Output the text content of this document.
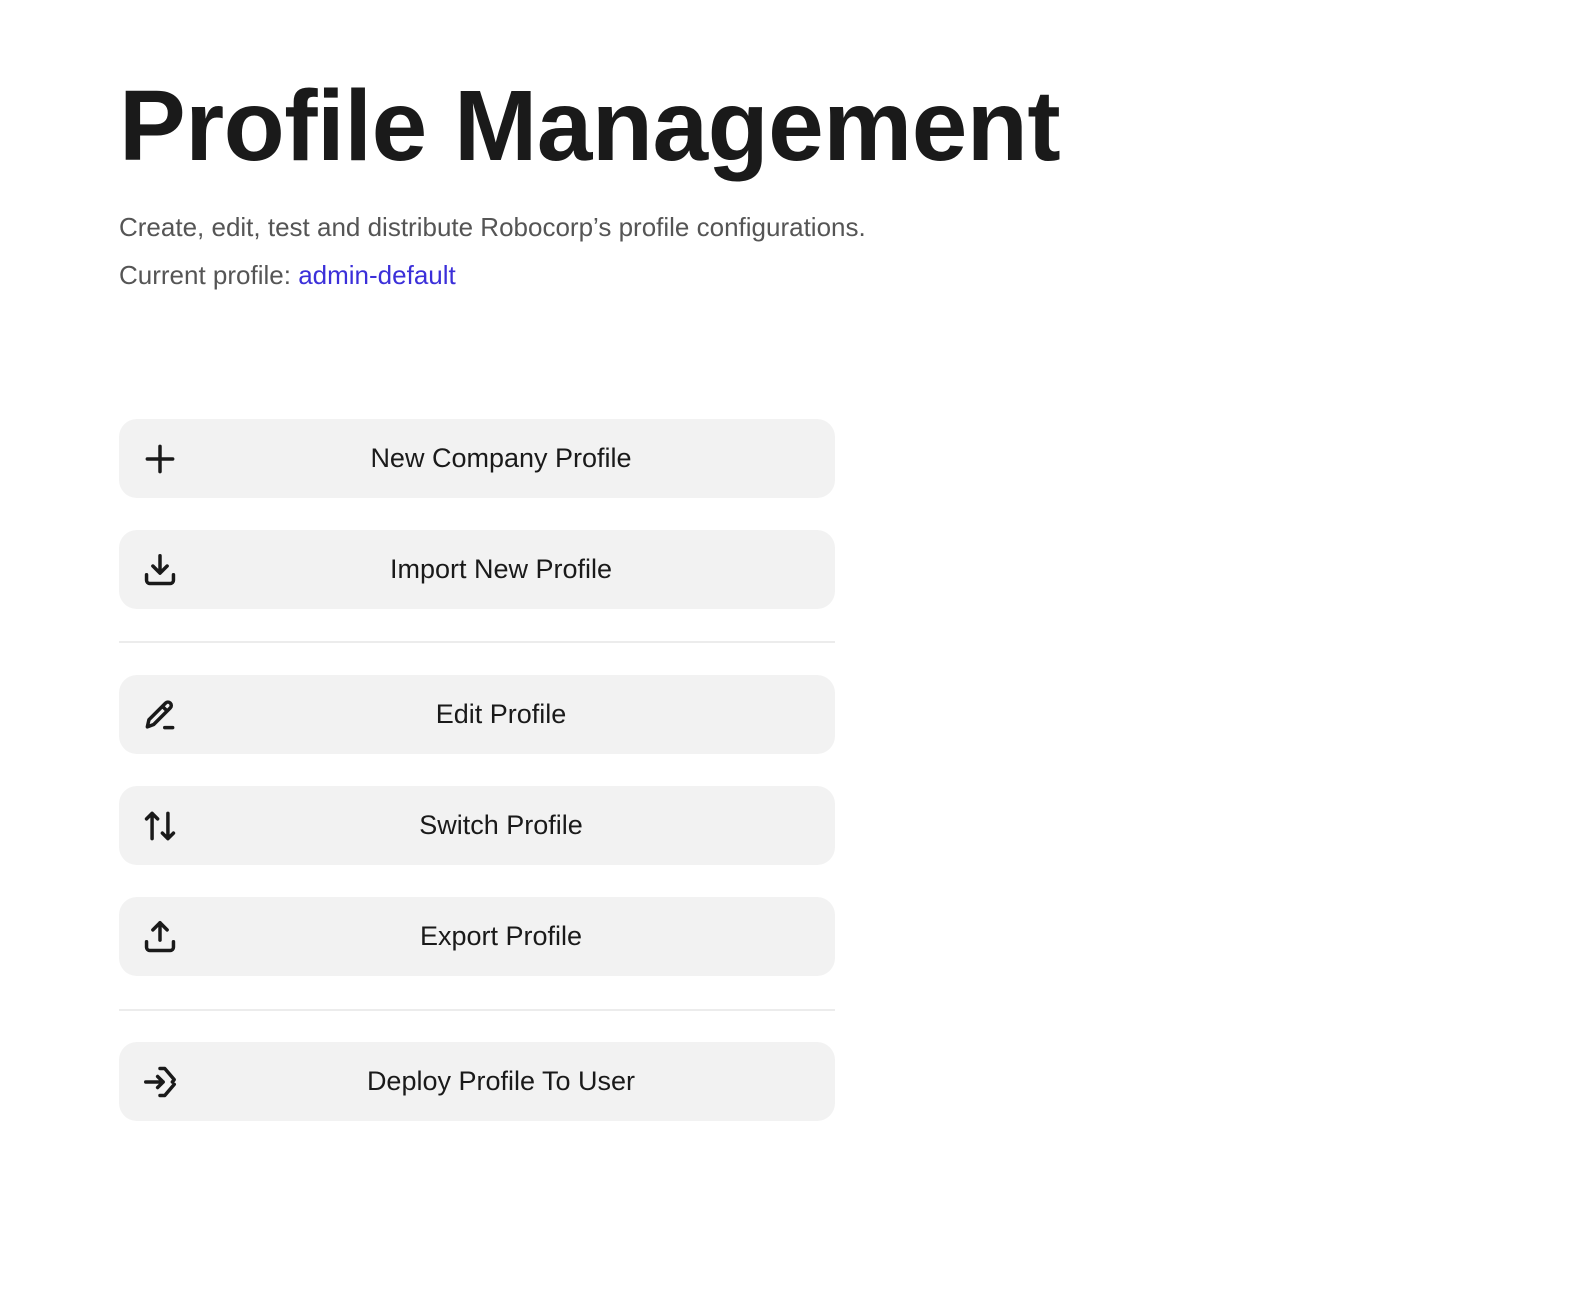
Profile Management

Create, edit, test and distribute Robocorp’s profile configurations.

Current profile: admin-default

New Company Profile
Import New Profile
Edit Profile
Switch Profile
Export Profile
Deploy Profile To User
